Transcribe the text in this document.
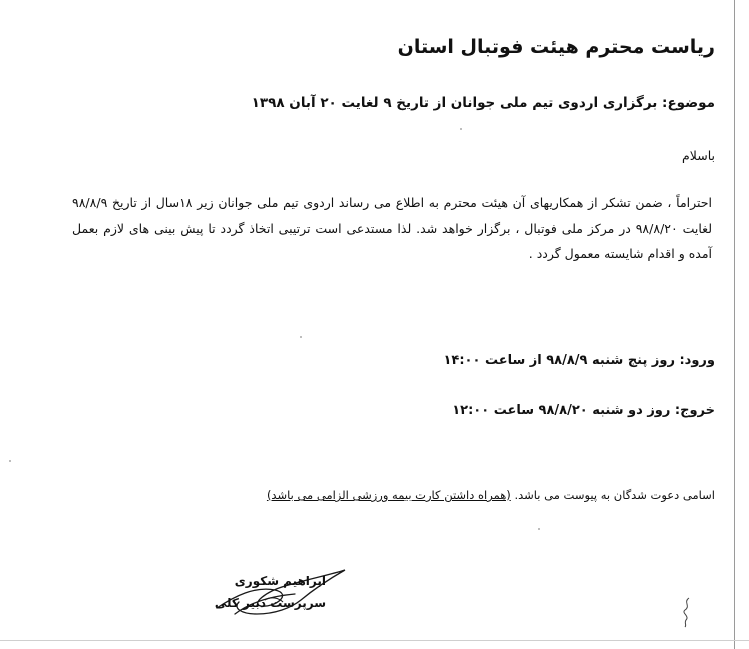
ریاست محترم هیئت فوتبال استان
موضوع: برگزاری اردوی تیم ملی جوانان از تاریخ ۹ لغایت ۲۰ آبان ۱۳۹۸
باسلام
احتراماً ، ضمن تشکر از همکاریهای آن هیئت محترم به اطلاع می رساند اردوی تیم ملی جوانان زیر ۱۸سال از تاریخ ۹۸/۸/۹ لغایت ۹۸/۸/۲۰ در مرکز ملی فوتبال ، برگزار خواهد شد. لذا مستدعی است ترتیبی اتخاذ گردد تا پیش بینی های لازم بعمل آمده و اقدام شایسته معمول گردد .
ورود: روز پنج شنبه ۹۸/۸/۹ از ساعت ۱۴:۰۰
خروج: روز دو شنبه ۹۸/۸/۲۰ ساعت ۱۲:۰۰
اسامی دعوت شدگان به پیوست می باشد. (همراه داشتن کارت بیمه ورزشی الزامی می باشد)
ابراهیم شکوری
سرپرست دبیر کلی
